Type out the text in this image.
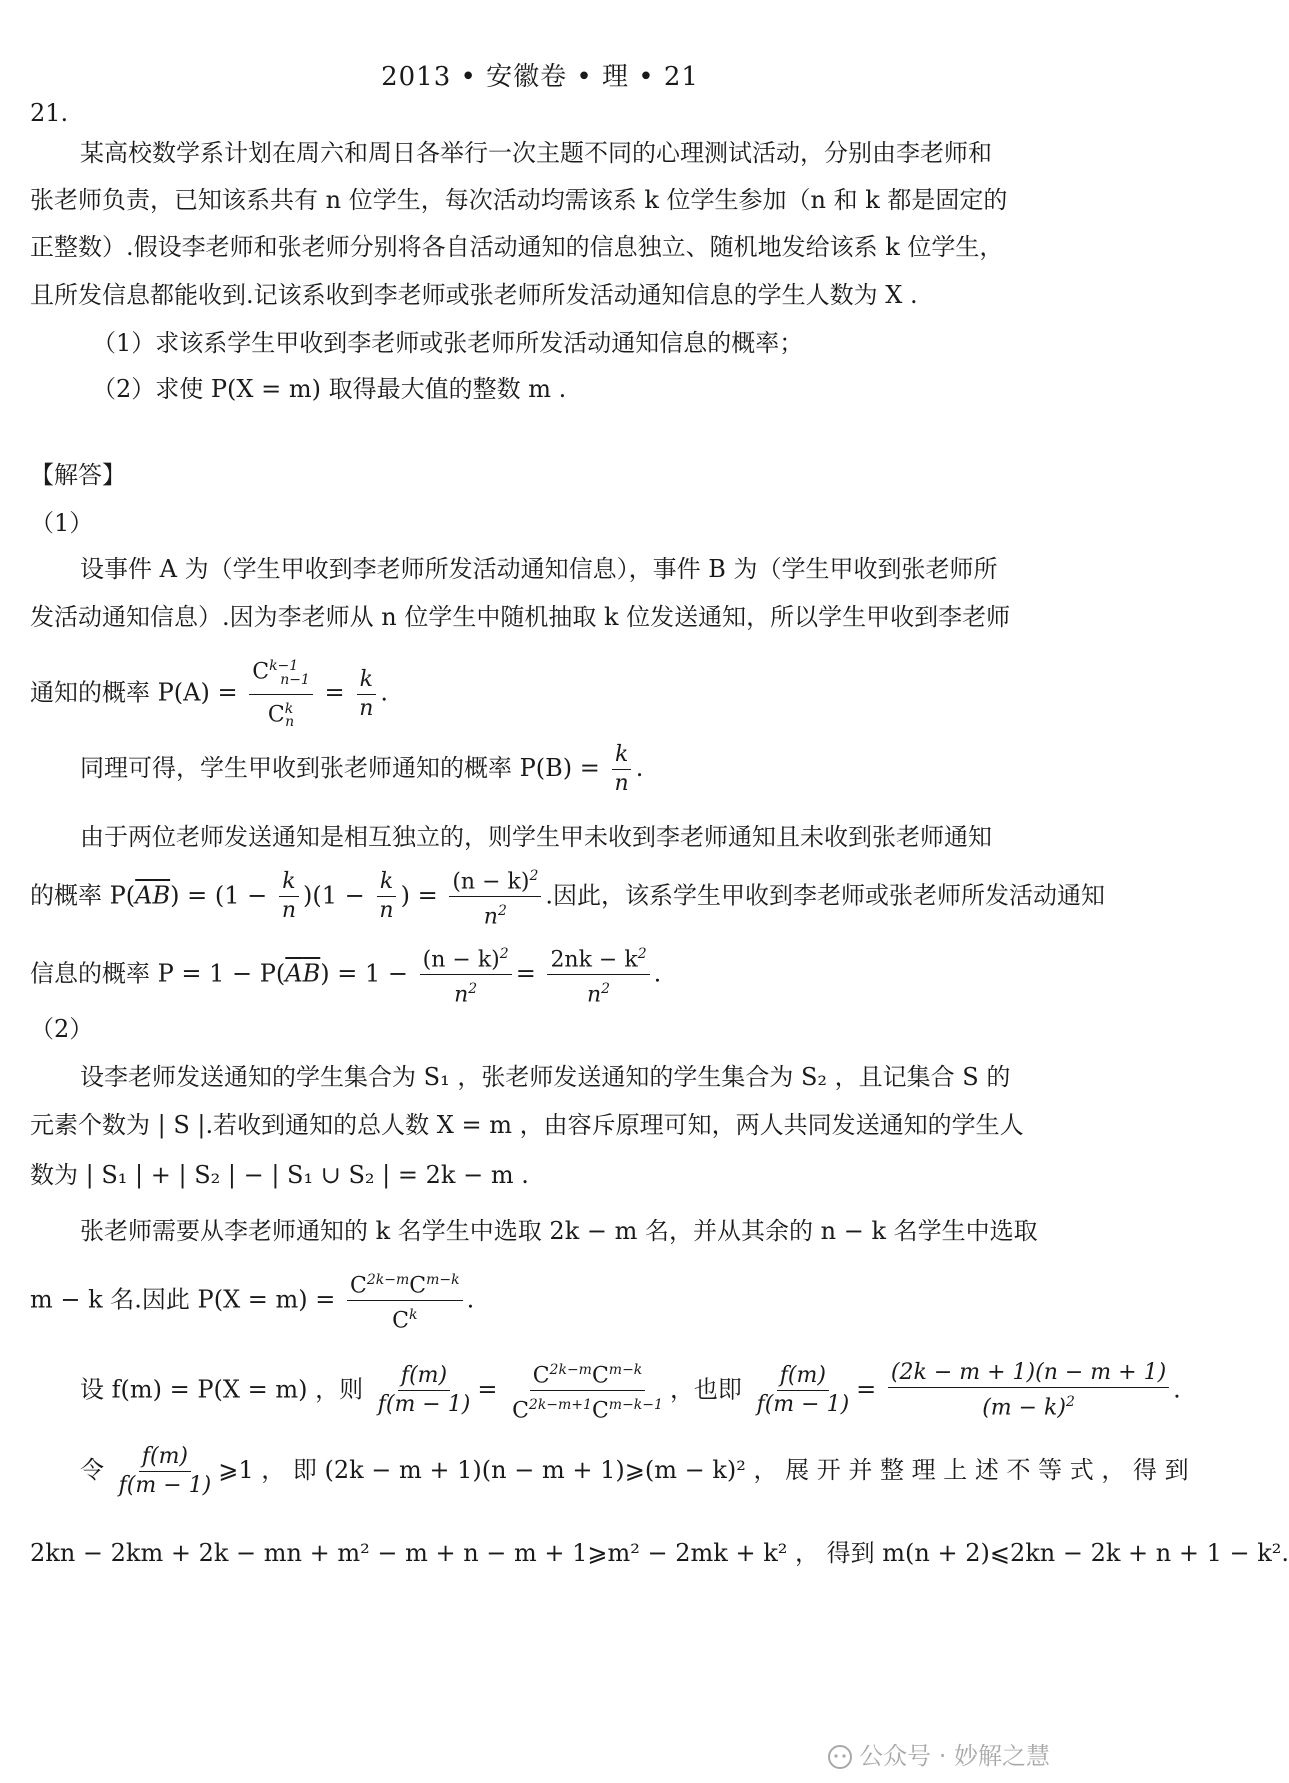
2013 • 安徽卷 • 理 • 21
21.
某高校数学系计划在周六和周日各举行一次主题不同的心理测试活动，分别由李老师和
张老师负责，已知该系共有 n 位学生，每次活动均需该系 k 位学生参加（n 和 k 都是固定的
正整数）.假设李老师和张老师分别将各自活动通知的信息独立、随机地发给该系 k 位学生，
且所发信息都能收到.记该系收到李老师或张老师所发活动通知信息的学生人数为 X .
（1）求该系学生甲收到李老师或张老师所发活动通知信息的概率；
（2）求使 P(X = m) 取得最大值的整数 m .
【解答】
（1）
设事件 A 为（学生甲收到李老师所发活动通知信息），事件 B 为（学生甲收到张老师所
发活动通知信息）.因为李老师从 n 位学生中随机抽取 k 位发送通知，所以学生甲收到李老师
通知的概率 $P(A) = \frac{C^{k-1}_{n-1}}{C^k_n} = \frac{k}{n}$ .
同理可得，学生甲收到张老师通知的概率 $P(B) = \frac{k}{n}$ .
由于两位老师发送通知是相互独立的，则学生甲未收到李老师通知且未收到张老师通知
的概率 $P(\overline{A}\overline{B}) = (1 - \frac{k}{n} )(1 - \frac{k}{n}$ ) = $\frac{(n - k)^2}{n^2}$ .因此，该系学生甲收到李老师或张老师所发活动通知
信息的概率 $P = 1 - P(\overline{A}\overline{B}) = 1 - \frac{(n - k)^2}{n^2} = \frac{2nk - k^2}{n^2}$ .
（2）
设李老师发送通知的学生集合为 S₁ ，张老师发送通知的学生集合为 S₂ ，且记集合 S 的
元素个数为 | S |.若收到通知的总人数 X = m ，由容斥原理可知，两人共同发送通知的学生人
数为 | S₁ | + | S₂ | − | S₁ ∪ S₂ | = 2k − m .
张老师需要从李老师通知的 k 名学生中选取 2k − m 名，并从其余的 n − k 名学生中选取
m − k 名.因此 $P(X = m) = \frac{C^{2k-m}C^{m-k}}{C^k}$ .
设 f(m) = P(X = m) ，则 $\frac{f(m)}{f(m - 1)} = \frac{C^{2k-m}C^{m-k}}{C^{2k-m+1}C^{m-k-1}}$ ，也即 $\frac{f(m)}{f(m - 1)} = \frac{(2k - m + 1)(n - m + 1)}{(m - k)^2}$ .
令 $\frac{f(m)}{f(m - 1)}$ ⩾1 ， 即 (2k − m + 1)(n − m + 1)⩾(m − k)² ， 展 开 并 整 理 上 述 不 等 式 ， 得 到
2kn − 2km + 2k − mn + m² − m + n − m + 1⩾m² − 2mk + k² ， 得到 m(n + 2)⩽2kn − 2k + n + 1 − k².
公众号 · 妙解之慧
